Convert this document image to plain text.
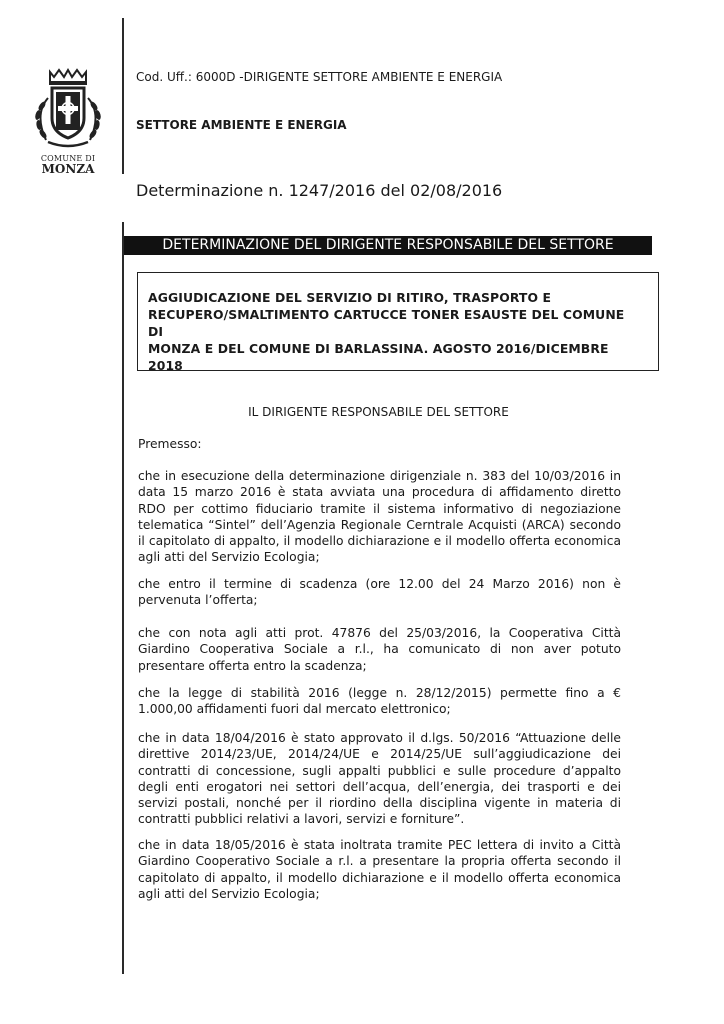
COMUNE DI
MONZA
Cod. Uff.: 6000D -DIRIGENTE SETTORE AMBIENTE E ENERGIA
SETTORE AMBIENTE E ENERGIA
Determinazione n. 1247/2016 del 02/08/2016
DETERMINAZIONE DEL DIRIGENTE RESPONSABILE DEL SETTORE
AGGIUDICAZIONE DEL SERVIZIO DI RITIRO, TRASPORTO E
RECUPERO/SMALTIMENTO CARTUCCE TONER ESAUSTE DEL COMUNE DI
MONZA E DEL COMUNE DI BARLASSINA. AGOSTO 2016/DICEMBRE 2018
IL DIRIGENTE RESPONSABILE DEL SETTORE
Premesso:
che in esecuzione della determinazione dirigenziale n. 383 del 10/03/2016 in data 15 marzo 2016 è stata avviata una procedura di affidamento diretto RDO per cottimo fiduciario tramite il sistema informativo di negoziazione telematica “Sintel” dell’Agenzia Regionale Cerntrale Acquisti (ARCA) secondo il capitolato di appalto, il modello dichiarazione e il modello offerta economica agli atti del Servizio Ecologia;
che entro il termine di scadenza (ore 12.00 del 24 Marzo 2016) non è pervenuta l’offerta;
che con nota agli atti prot. 47876 del 25/03/2016, la Cooperativa Città Giardino Cooperativa Sociale a r.l., ha comunicato di non aver potuto presentare offerta entro la scadenza;
che la legge di stabilità 2016 (legge n. 28/12/2015) permette fino a € 1.000,00 affidamenti fuori dal mercato elettronico;
che in data 18/04/2016 è stato approvato il d.lgs. 50/2016 “Attuazione delle direttive 2014/23/UE, 2014/24/UE e 2014/25/UE sull’aggiudicazione dei contratti di concessione, sugli appalti pubblici e sulle procedure d’appalto degli enti erogatori nei settori dell’acqua, dell’energia, dei trasporti e dei servizi postali, nonché per il riordino della disciplina vigente in materia di contratti pubblici relativi a lavori, servizi e forniture”.
che in data 18/05/2016 è stata inoltrata tramite PEC lettera di invito a Città Giardino Cooperativo Sociale a r.l. a presentare la propria offerta secondo il capitolato di appalto, il modello dichiarazione e il modello offerta economica agli atti del Servizio Ecologia;
